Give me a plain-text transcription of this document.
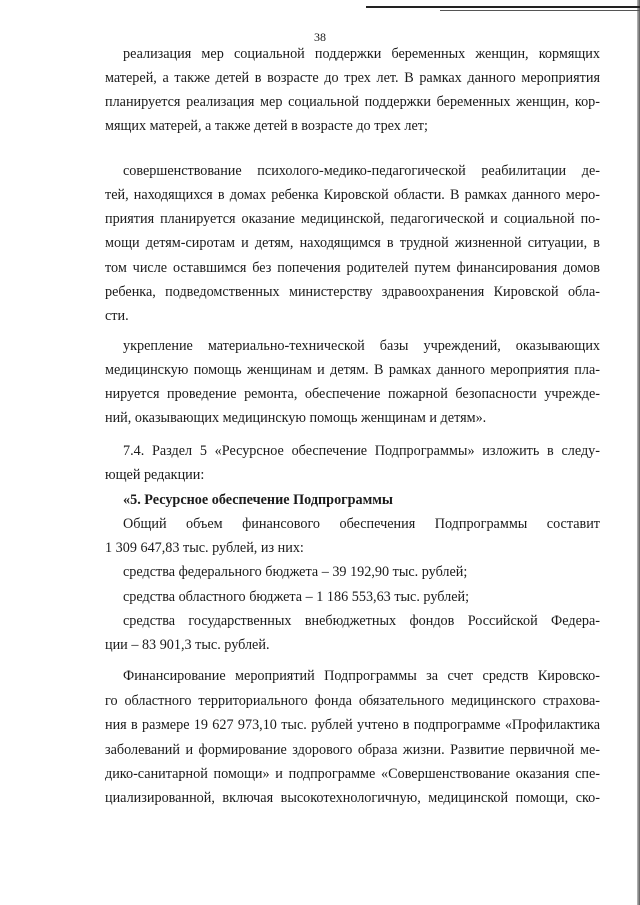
38
реализация мер социальной поддержки беременных женщин, кормящих
матерей, а также детей в возрасте до трех лет. В рамках данного мероприятия
планируется реализация мер социальной поддержки беременных женщин, кор-
мящих матерей, а также детей в возрасте до трех лет;
совершенствование психолого-медико-педагогической реабилитации де-
тей, находящихся в домах ребенка Кировской области. В рамках данного меро-
приятия планируется оказание медицинской, педагогической и социальной по-
мощи детям-сиротам и детям, находящимся в трудной жизненной ситуации, в
том числе оставшимся без попечения родителей путем финансирования домов
ребенка, подведомственных министерству здравоохранения Кировской обла-
сти.
укрепление материально-технической базы учреждений, оказывающих
медицинскую помощь женщинам и детям. В рамках данного мероприятия пла-
нируется проведение ремонта, обеспечение пожарной безопасности учрежде-
ний, оказывающих медицинскую помощь женщинам и детям».
7.4. Раздел 5 «Ресурсное обеспечение Подпрограммы» изложить в следу-
ющей редакции:
«5. Ресурсное обеспечение Подпрограммы
Общий объем финансового обеспечения Подпрограммы составит
1 309 647,83 тыс. рублей, из них:
средства федерального бюджета – 39 192,90 тыс. рублей;
средства областного бюджета – 1 186 553,63 тыс. рублей;
средства государственных внебюджетных фондов Российской Федера-
ции – 83 901,3 тыс. рублей.
Финансирование мероприятий Подпрограммы за счет средств Кировско-
го областного территориального фонда обязательного медицинского страхова-
ния в размере 19 627 973,10 тыс. рублей учтено в подпрограмме «Профилактика
заболеваний и формирование здорового образа жизни. Развитие первичной ме-
дико-санитарной помощи» и подпрограмме «Совершенствование оказания спе-
циализированной, включая высокотехнологичную, медицинской помощи, ско-
